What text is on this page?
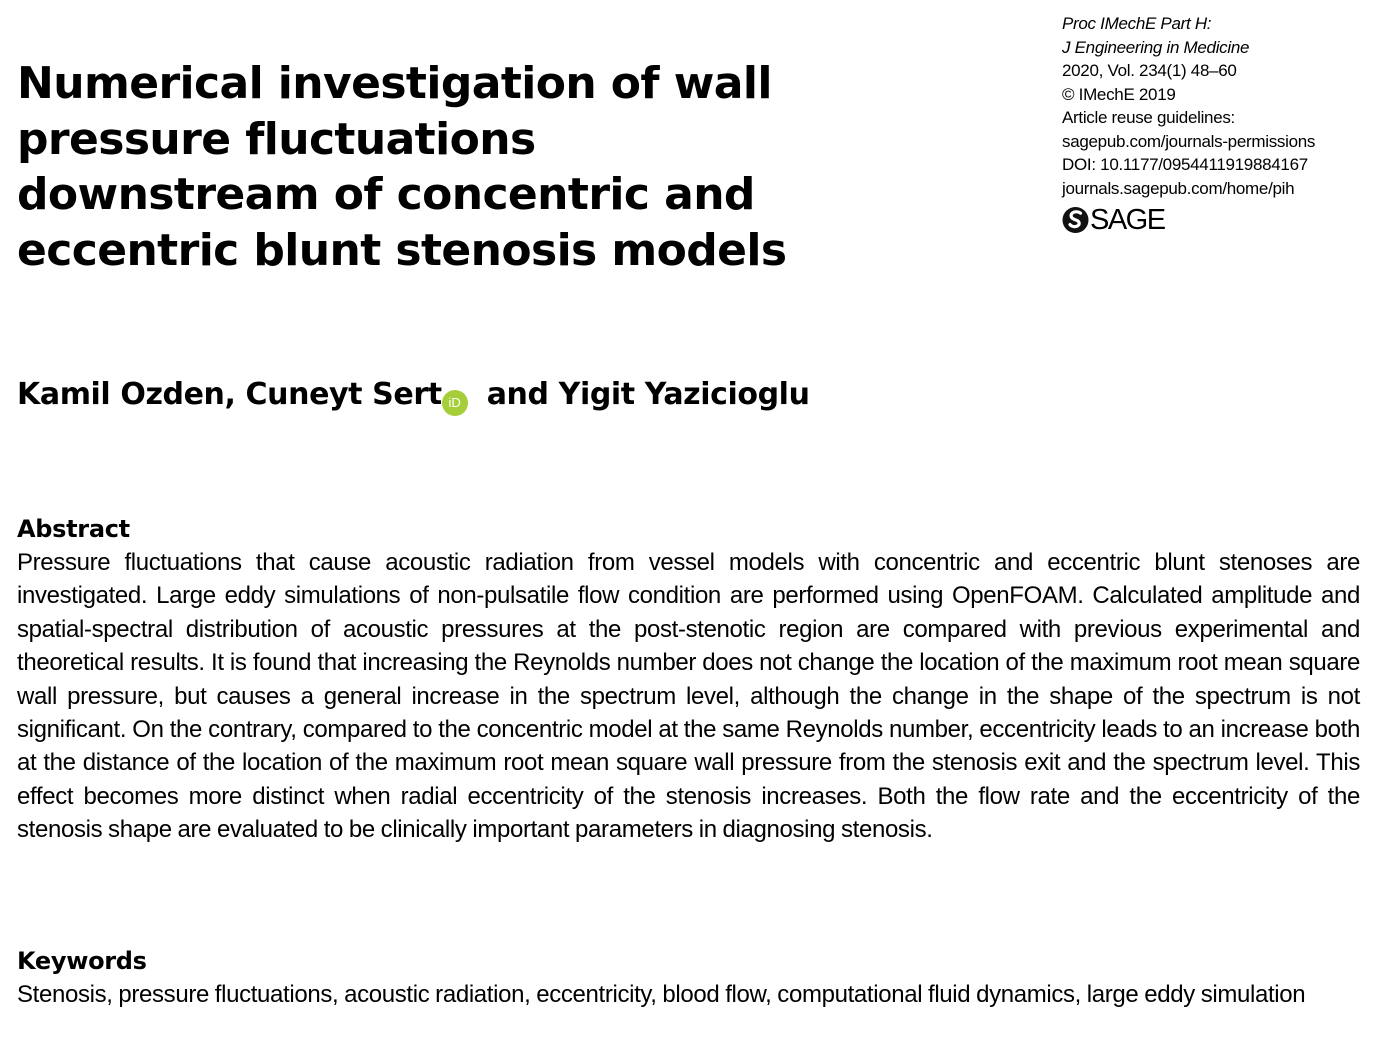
Proc IMechE Part H:
J Engineering in Medicine
2020, Vol. 234(1) 48–60
© IMechE 2019
Article reuse guidelines:
sagepub.com/journals-permissions
DOI: 10.1177/0954411919884167
journals.sagepub.com/home/pih
SAGE
Numerical investigation of wall pressure fluctuations downstream of concentric and eccentric blunt stenosis models

Kamil Ozden, Cuneyt Sert iD and Yigit Yazicioglu

Abstract

Pressure fluctuations that cause acoustic radiation from vessel models with concentric and eccentric blunt stenoses are investigated. Large eddy simulations of non-pulsatile flow condition are performed using OpenFOAM. Calculated amplitude and spatial-spectral distribution of acoustic pressures at the post-stenotic region are compared with previous experimental and theoretical results. It is found that increasing the Reynolds number does not change the location of the maximum root mean square wall pressure, but causes a general increase in the spectrum level, although the change in the shape of the spectrum is not significant. On the contrary, compared to the concentric model at the same Reynolds number, eccentricity leads to an increase both at the distance of the location of the maximum root mean square wall pressure from the stenosis exit and the spectrum level. This effect becomes more distinct when radial eccentricity of the stenosis increases. Both the flow rate and the eccentricity of the stenosis shape are evaluated to be clinically important parameters in diagnosing stenosis.

Keywords

Stenosis, pressure fluctuations, acoustic radiation, eccentricity, blood flow, computational fluid dynamics, large eddy simulation
